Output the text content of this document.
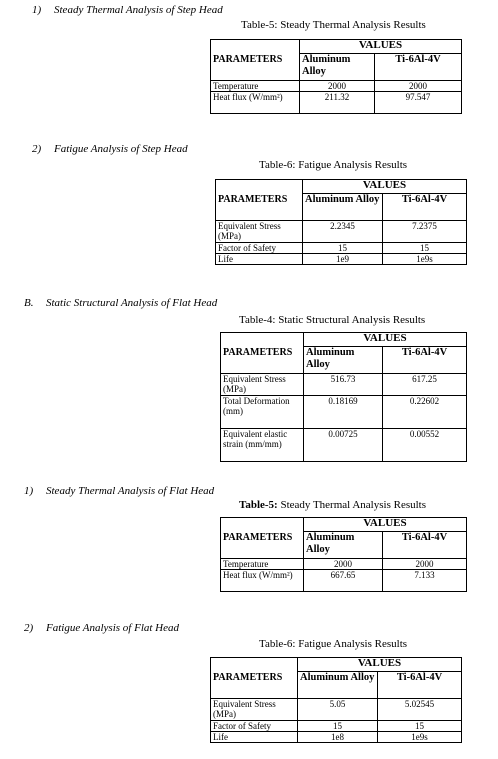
1) Steady Thermal Analysis of Step Head
2) Fatigue Analysis of Step Head
B. Static Structural Analysis of Flat Head
1) Steady Thermal Analysis of Flat Head
2) Fatigue Analysis of Flat Head
Table-5: Steady Thermal Analysis Results
PARAMETERS	VALUES	
	Aluminum Alloy	Ti-6Al-4V
Temperature	2000	2000
Heat flux (W/mm²)	211.32	97.547
Table-6: Fatigue Analysis Results
PARAMETERS	VALUES	
	Aluminum Alloy	Ti-6Al-4V
Equivalent Stress (MPa)	2.2345	7.2375
Factor of Safety	15	15
Life	1e9	1e9s
Table-4: Static Structural Analysis Results
PARAMETERS	VALUES	
	Aluminum Alloy	Ti-6Al-4V
Equivalent Stress (MPa)	516.73	617.25
Total Deformation (mm)	0.18169	0.22602
Equivalent elastic strain (mm/mm)	0.00725	0.00552
Table-5: Steady Thermal Analysis Results
PARAMETERS	VALUES	
	Aluminum Alloy	Ti-6Al-4V
Temperature	2000	2000
Heat flux (W/mm²)	667.65	7.133
Table-6: Fatigue Analysis Results
PARAMETERS	VALUES	
	Aluminum Alloy	Ti-6Al-4V
Equivalent Stress (MPa)	5.05	5.02545
Factor of Safety	15	15
Life	1e8	1e9s
